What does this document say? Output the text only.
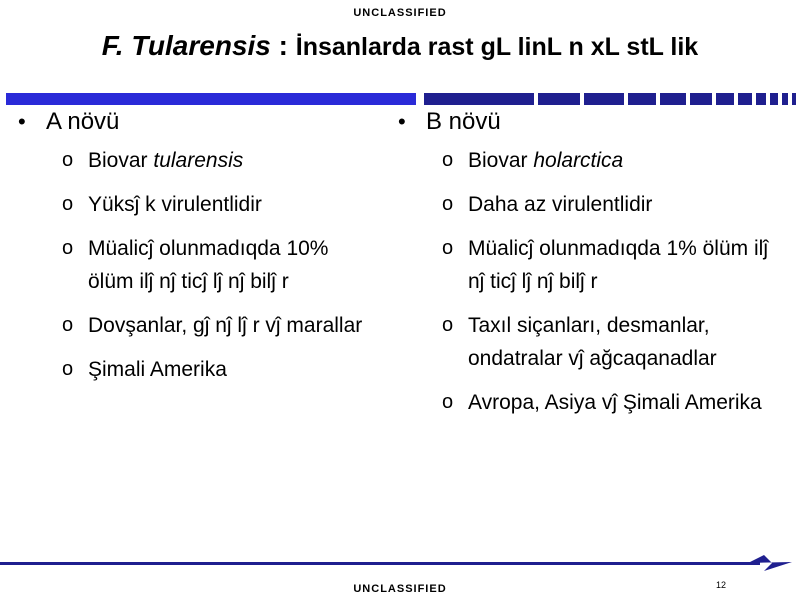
UNCLASSIFIED
F. Tularensis : İnsanlarda rast gL linL n xL stL lik
• A növü
o Biovar tularensis
o Yüksĵ k virulentlidir
o Müalicĵ olunmadıqda 10% ölüm ilĵ nĵ ticĵ lĵ nĵ bilĵ r
o Dovşanlar, gĵ nĵ lĵ r vĵ marallar
o Şimali Amerika
• B növü
o Biovar holarctica
o Daha az virulentlidir
o Müalicĵ olunmadıqda 1% ölüm ilĵ nĵ ticĵ lĵ nĵ bilĵ r
o Taxıl siçanları, desmanlar, ondatralar vĵ ağcaqanadlar
o Avropa, Asiya vĵ Şimali Amerika
12
UNCLASSIFIED
